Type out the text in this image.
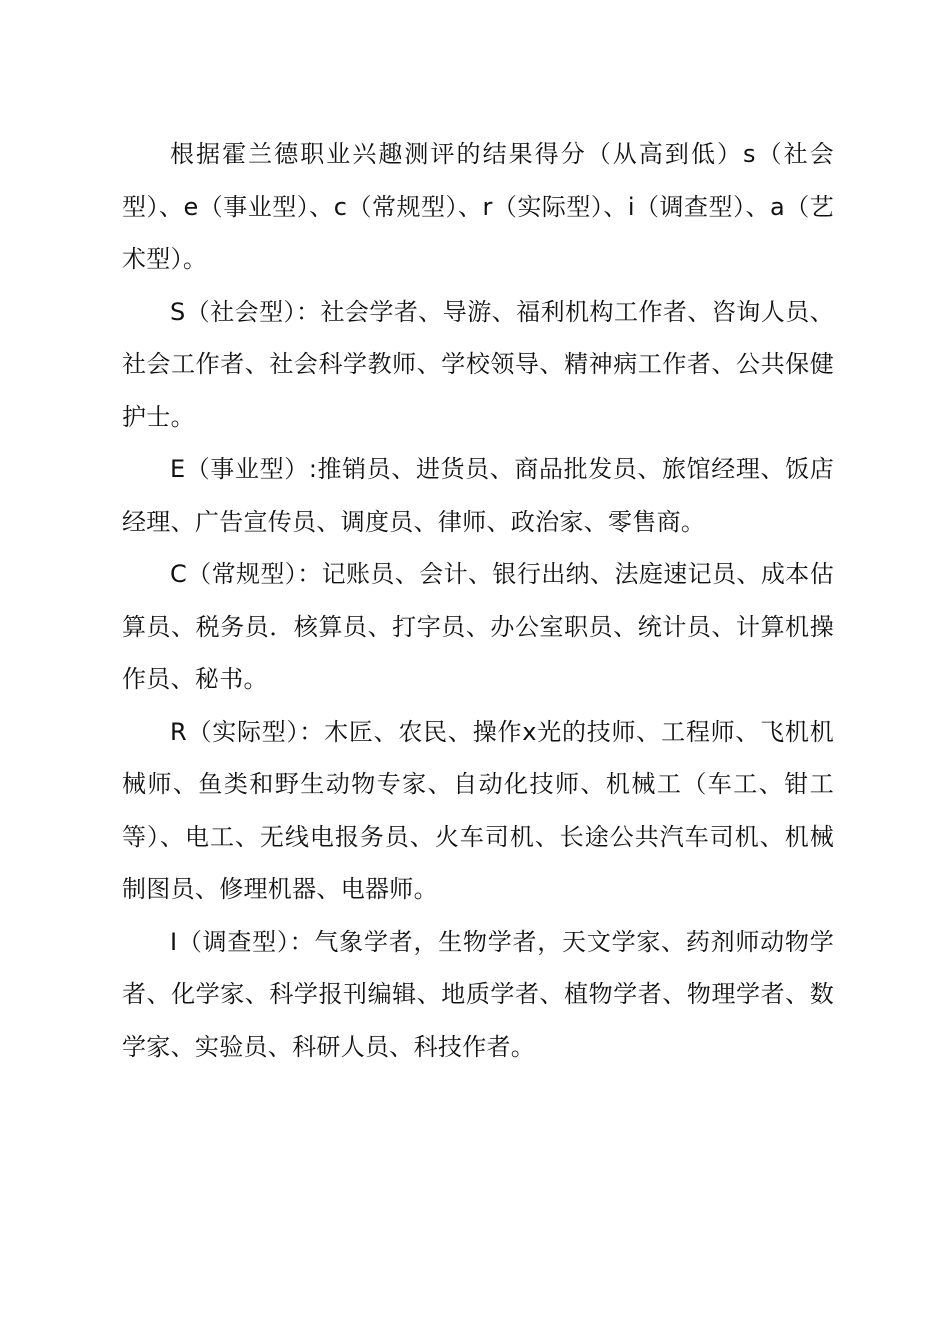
根据霍兰德职业兴趣测评的结果得分（从高到低）s（社会型）、e（事业型）、c（常规型）、r（实际型）、i（调查型）、a（艺术型）。

S（社会型）：社会学者、导游、福利机构工作者、咨询人员、社会工作者、社会科学教师、学校领导、精神病工作者、公共保健护士。

E（事业型）:推销员、进货员、商品批发员、旅馆经理、饭店经理、广告宣传员、调度员、律师、政治家、零售商。

C（常规型）：记账员、会计、银行出纳、法庭速记员、成本估算员、税务员．核算员、打字员、办公室职员、统计员、计算机操作员、秘书。

R（实际型）：木匠、农民、操作x光的技师、工程师、飞机机械师、鱼类和野生动物专家、自动化技师、机械工（车工、钳工等）、电工、无线电报务员、火车司机、长途公共汽车司机、机械制图员、修理机器、电器师。

I（调查型）：气象学者，生物学者，天文学家、药剂师动物学者、化学家、科学报刊编辑、地质学者、植物学者、物理学者、数学家、实验员、科研人员、科技作者。
